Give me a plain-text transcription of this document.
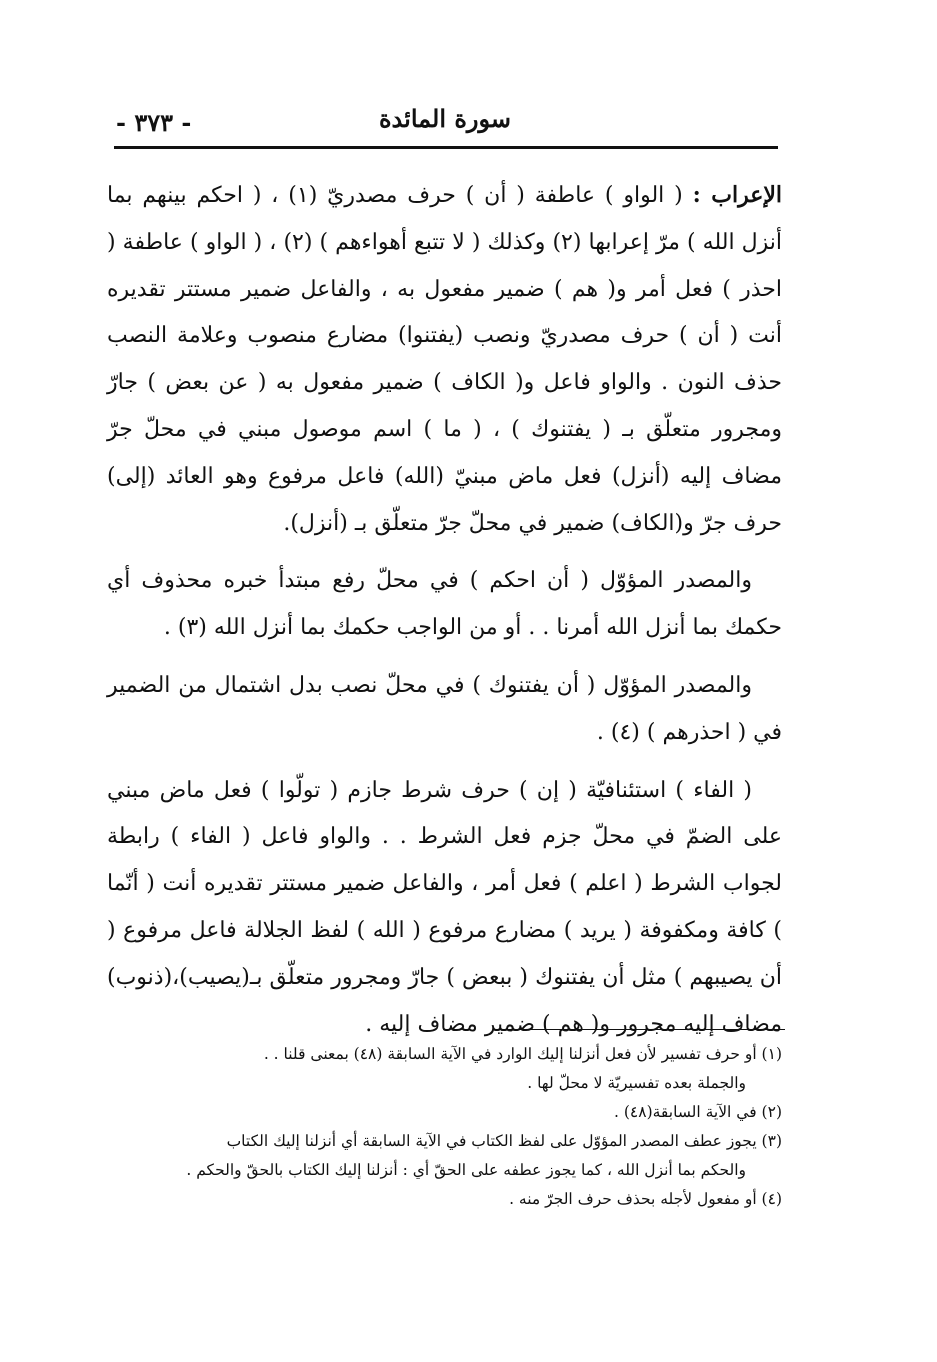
سورة المائدة
- ٣٧٣ -

الإعراب : ( الواو ) عاطفة ( أن ) حرف مصدريّ (١) ، ( احكم بينهم بما أنزل الله ) مرّ إعرابها (٢) وكذلك ( لا تتبع أهواءهم ) (٢) ، ( الواو ) عاطفة ( احذر ) فعل أمر و( هم ) ضمير مفعول به ، والفاعل ضمير مستتر تقديره أنت ( أن ) حرف مصدريّ ونصب (يفتنوا) مضارع منصوب وعلامة النصب حذف النون . والواو فاعل و( الكاف ) ضمير مفعول به ( عن بعض ) جارّ ومجرور متعلّق بـ ( يفتنوك ) ، ( ما ) اسم موصول مبني في محلّ جرّ مضاف إليه (أنزل) فعل ماض مبنيّ (الله) فاعل مرفوع وهو العائد (إلى) حرف جرّ و(الكاف) ضمير في محلّ جرّ متعلّق بـ (أنزل).

والمصدر المؤوّل ( أن احكم ) في محلّ رفع مبتدأ خبره محذوف أي حكمك بما أنزل الله أمرنا . . أو من الواجب حكمك بما أنزل الله (٣) .

والمصدر المؤوّل ( أن يفتنوك ) في محلّ نصب بدل اشتمال من الضمير في ( احذرهم ) (٤) .

( الفاء ) استئنافيّة ( إن ) حرف شرط جازم ( تولّوا ) فعل ماض مبني على الضمّ في محلّ جزم فعل الشرط . . والواو فاعل ( الفاء ) رابطة لجواب الشرط ( اعلم ) فعل أمر ، والفاعل ضمير مستتر تقديره أنت ( أنّما ) كافة ومكفوفة ( يريد ) مضارع مرفوع ( الله ) لفظ الجلالة فاعل مرفوع ( أن يصيبهم ) مثل أن يفتنوك ( ببعض ) جارّ ومجرور متعلّق بـ(يصيب)،(ذنوب) مضاف إليه مجرور و( هم ) ضمير مضاف إليه .

(١) أو حرف تفسير لأن فعل أنزلنا إليك الوارد في الآية السابقة (٤٨) بمعنى قلنا . .

والجملة بعده تفسيريّة لا محلّ لها .

(٢) في الآية السابقة(٤٨) .

(٣) يجوز عطف المصدر المؤوّل على لفظ الكتاب في الآية السابقة أي أنزلنا إليك الكتاب

والحكم بما أنزل الله ، كما يجوز عطفه على الحقّ أي : أنزلنا إليك الكتاب بالحقّ والحكم .

(٤) أو مفعول لأجله بحذف حرف الجرّ منه .
